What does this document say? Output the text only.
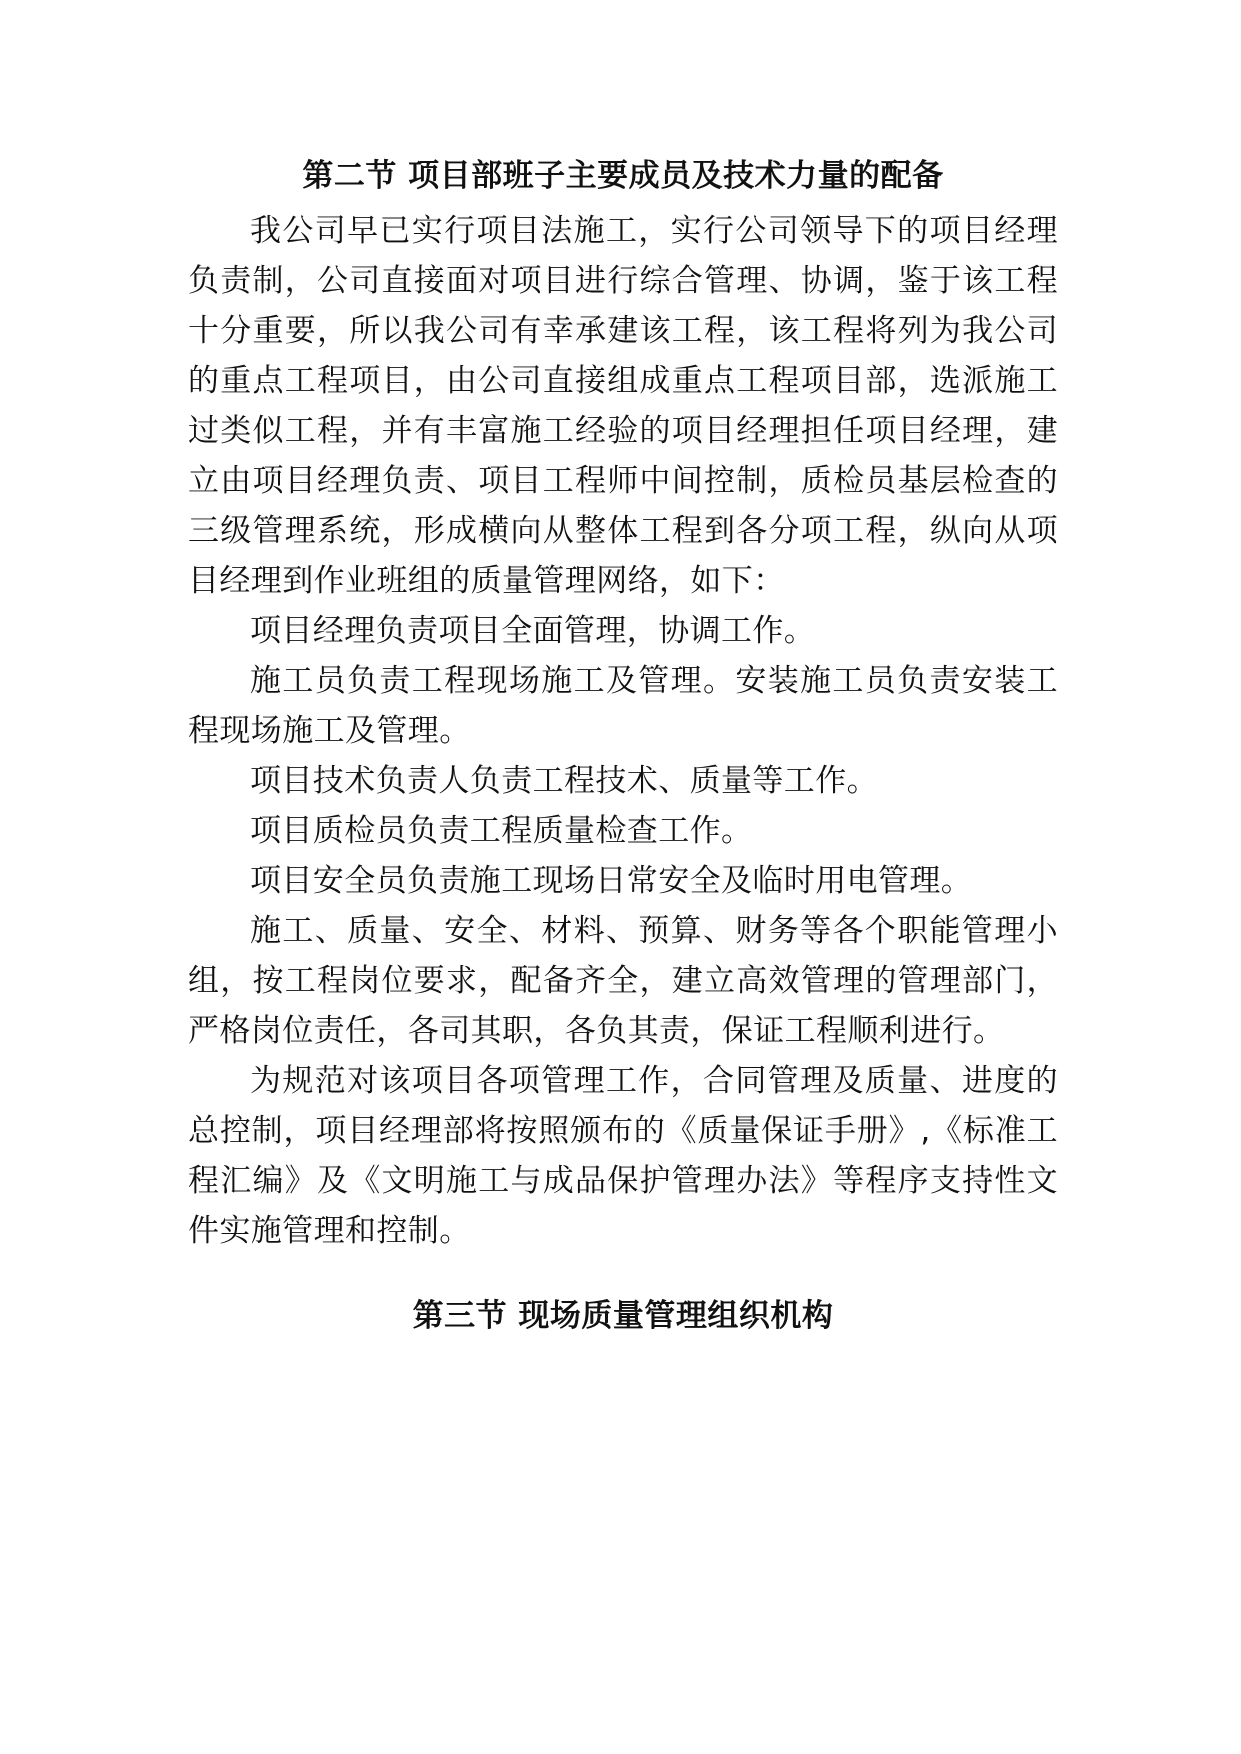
第二节 项目部班子主要成员及技术力量的配备

我公司早已实行项目法施工，实行公司领导下的项目经理负责制，公司直接面对项目进行综合管理、协调，鉴于该工程十分重要，所以我公司有幸承建该工程，该工程将列为我公司的重点工程项目，由公司直接组成重点工程项目部，选派施工过类似工程，并有丰富施工经验的项目经理担任项目经理，建立由项目经理负责、项目工程师中间控制，质检员基层检查的三级管理系统，形成横向从整体工程到各分项工程，纵向从项目经理到作业班组的质量管理网络，如下：

项目经理负责项目全面管理，协调工作。

施工员负责工程现场施工及管理。安装施工员负责安装工程现场施工及管理。

项目技术负责人负责工程技术、质量等工作。

项目质检员负责工程质量检查工作。

项目安全员负责施工现场日常安全及临时用电管理。

施工、质量、安全、材料、预算、财务等各个职能管理小组，按工程岗位要求，配备齐全，建立高效管理的管理部门，严格岗位责任，各司其职，各负其责，保证工程顺利进行。

为规范对该项目各项管理工作，合同管理及质量、进度的总控制，项目经理部将按照颁布的《质量保证手册》,《标准工程汇编》及《文明施工与成品保护管理办法》等程序支持性文件实施管理和控制。

第三节 现场质量管理组织机构
